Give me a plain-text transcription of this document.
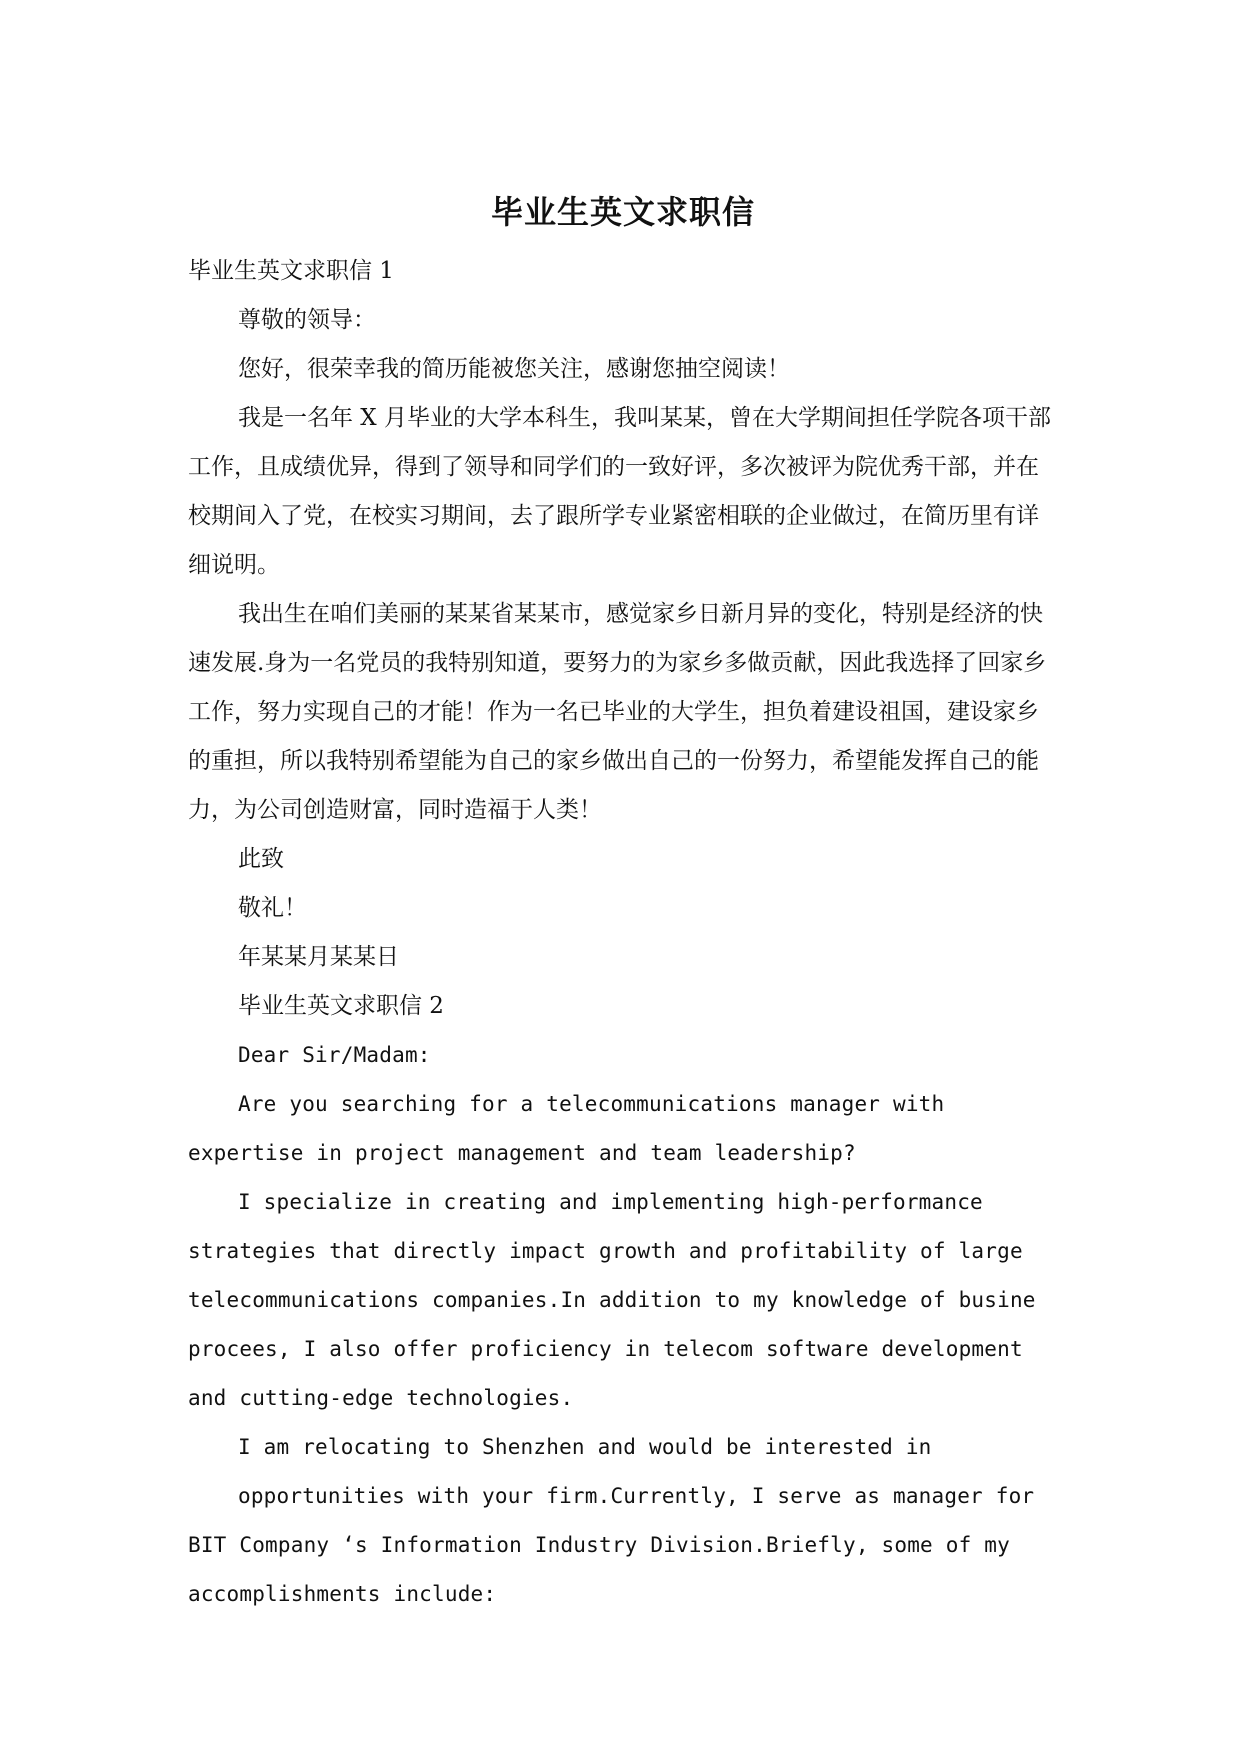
毕业生英文求职信

毕业生英文求职信 1

尊敬的领导：

您好，很荣幸我的简历能被您关注，感谢您抽空阅读！

我是一名年 X 月毕业的大学本科生，我叫某某，曾在大学期间担任学院各项干部工作，且成绩优异，得到了领导和同学们的一致好评，多次被评为院优秀干部，并在校期间入了党，在校实习期间，去了跟所学专业紧密相联的企业做过，在简历里有详细说明。

我出生在咱们美丽的某某省某某市，感觉家乡日新月异的变化，特别是经济的快速发展.身为一名党员的我特别知道，要努力的为家乡多做贡献，因此我选择了回家乡工作，努力实现自己的才能！作为一名已毕业的大学生，担负着建设祖国，建设家乡的重担，所以我特别希望能为自己的家乡做出自己的一份努力，希望能发挥自己的能力，为公司创造财富，同时造福于人类！

此致

敬礼！

年某某月某某日

毕业生英文求职信 2

Dear Sir/Madam:

Are you searching for a telecommunications manager with expertise in project management and team leadership?

I specialize in creating and implementing high-performance strategies that directly impact growth and profitability of large telecommunications companies.In addition to my knowledge of busine procees, I also offer proficiency in telecom software development and cutting-edge technologies.

I am relocating to Shenzhen and would be interested in

opportunities with your firm.Currently, I serve as manager for BIT Company ‘s Information Industry Division.Briefly, some of my accomplishments include:
